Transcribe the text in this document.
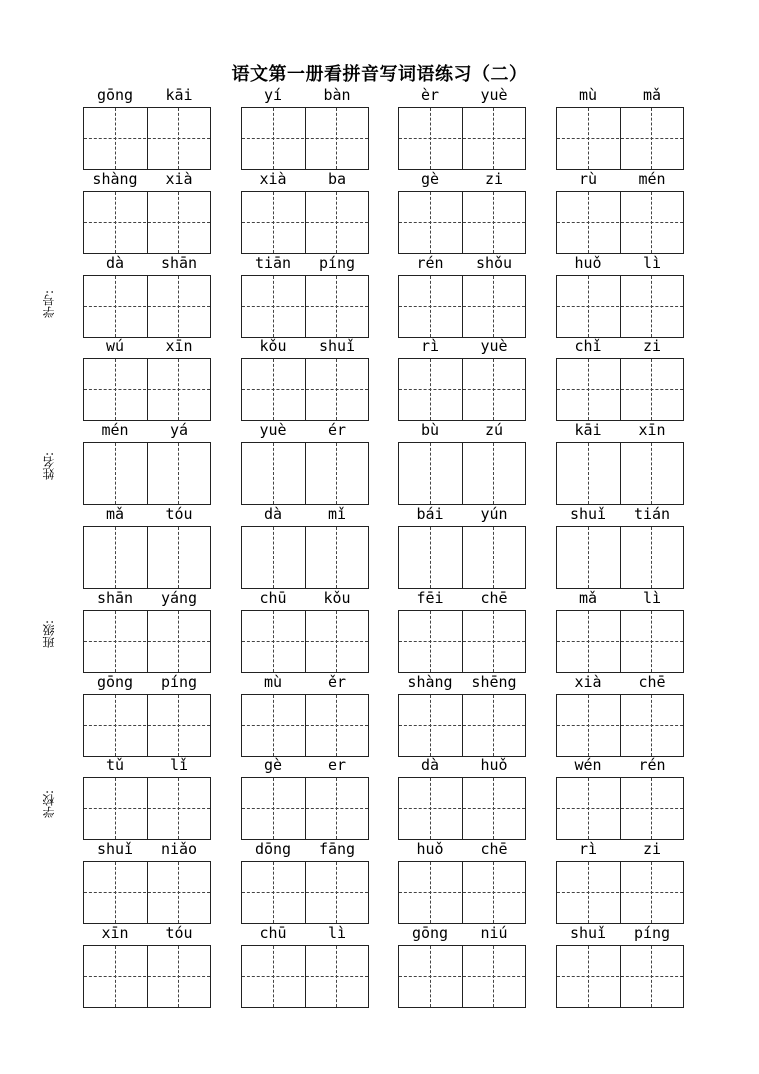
语文第一册看拼音写词语练习（二）
学号:
姓名:
班级:
学校:
gōng	kāi	yí	bàn	èr	yuè	mù	mǎ
shàng	xià	xià	ba	gè	zi	rù	mén
dà	shān	tiān	píng	rén	shǒu	huǒ	lì
wú	xīn	kǒu	shuǐ	rì	yuè	chǐ	zi
mén	yá	yuè	ér	bù	zú	kāi	xīn
mǎ	tóu	dà	mǐ	bái	yún	shuǐ	tián
shān	yáng	chū	kǒu	fēi	chē	mǎ	lì
gōng	píng	mù	ěr	shàng	shēng	xià	chē
tǔ	lǐ	gè	er	dà	huǒ	wén	rén
shuǐ	niǎo	dōng	fāng	huǒ	chē	rì	zi
xīn	tóu	chū	lì	gōng	niú	shuǐ	píng
